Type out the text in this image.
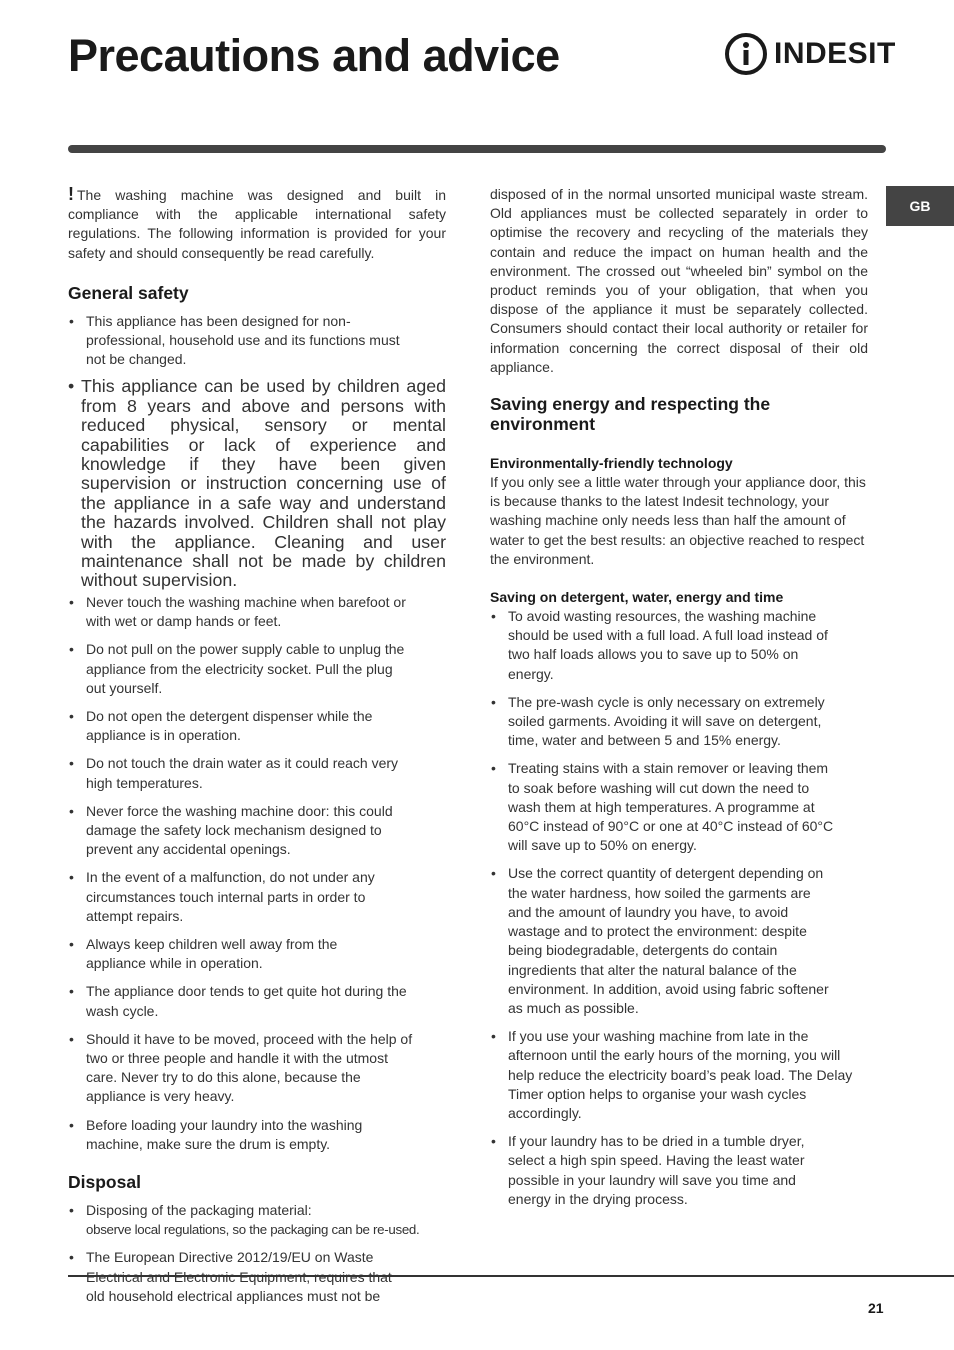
Precautions and advice	INDESIT
GB

! The washing machine was designed and built in compliance with the applicable international safety regulations. The following information is provided for your safety and should consequently be read carefully.

General safety
• This appliance has been designed for non-professional, household use and its functions must not be changed.
• This appliance can be used by children aged from 8 years and above and persons with reduced physical, sensory or mental capabilities or lack of experience and knowledge if they have been given supervision or instruction concerning use of the appliance in a safe way and understand the hazards involved. Children shall not play with the appliance. Cleaning and user maintenance shall not be made by children without supervision.
• Never touch the washing machine when barefoot or with wet or damp hands or feet.
• Do not pull on the power supply cable to unplug the appliance from the electricity socket. Pull the plug out yourself.
• Do not open the detergent dispenser while the appliance is in operation.
• Do not touch the drain water as it could reach very high temperatures.
• Never force the washing machine door: this could damage the safety lock mechanism designed to prevent any accidental openings.
• In the event of a malfunction, do not under any circumstances touch internal parts in order to attempt repairs.
• Always keep children well away from the appliance while in operation.
• The appliance door tends to get quite hot during the wash cycle.
• Should it have to be moved, proceed with the help of two or three people and handle it with the utmost care. Never try to do this alone, because the appliance is very heavy.
• Before loading your laundry into the washing machine, make sure the drum is empty.
Disposal
• Disposing of the packaging material:
observe local regulations, so the packaging can be re-used.
• The European Directive 2012/19/EU on Waste old household electrical appliances must not be

disposed of in the normal unsorted municipal waste stream. Old appliances must be collected separately in order to optimise the recovery and recycling of the materials they contain and reduce the impact on human health and the environment. The crossed out “wheeled bin” symbol on the product reminds you of your obligation, that when you dispose of the appliance it must be separately collected. Consumers should contact their local authority or retailer for information concerning the correct disposal of their old appliance.

Saving energy and respecting the environment
Environmentally-friendly technology

If you only see a little water through your appliance door, this is because thanks to the latest Indesit technology, your washing machine only needs less than half the amount of water to get the best results: an objective reached to respect the environment.

Saving on detergent, water, energy and time
• To avoid wasting resources, the washing machine should be used with a full load. A full load instead of two half loads allows you to save up to 50% on energy.
• The pre-wash cycle is only necessary on extremely soiled garments. Avoiding it will save on detergent, time, water and between 5 and 15% energy.
• Treating stains with a stain remover or leaving them to soak before washing will cut down the need to wash them at high temperatures. A programme at 60°C instead of 90°C or one at 40°C instead of 60°C will save up to 50% on energy.
• Use the correct quantity of detergent depending on the water hardness, how soiled the garments are and the amount of laundry you have, to avoid wastage and to protect the environment: despite being biodegradable, detergents do contain ingredients that alter the natural balance of the environment. In addition, avoid using fabric softener as much as possible.
• If you use your washing machine from late in the afternoon until the early hours of the morning, you will help reduce the electricity board’s peak load. The Delay Timer option helps to organise your wash cycles accordingly.
• If your laundry has to be dried in a tumble dryer, select a high spin speed. Having the least water possible in your laundry will save you time and energy in the drying process.
21
